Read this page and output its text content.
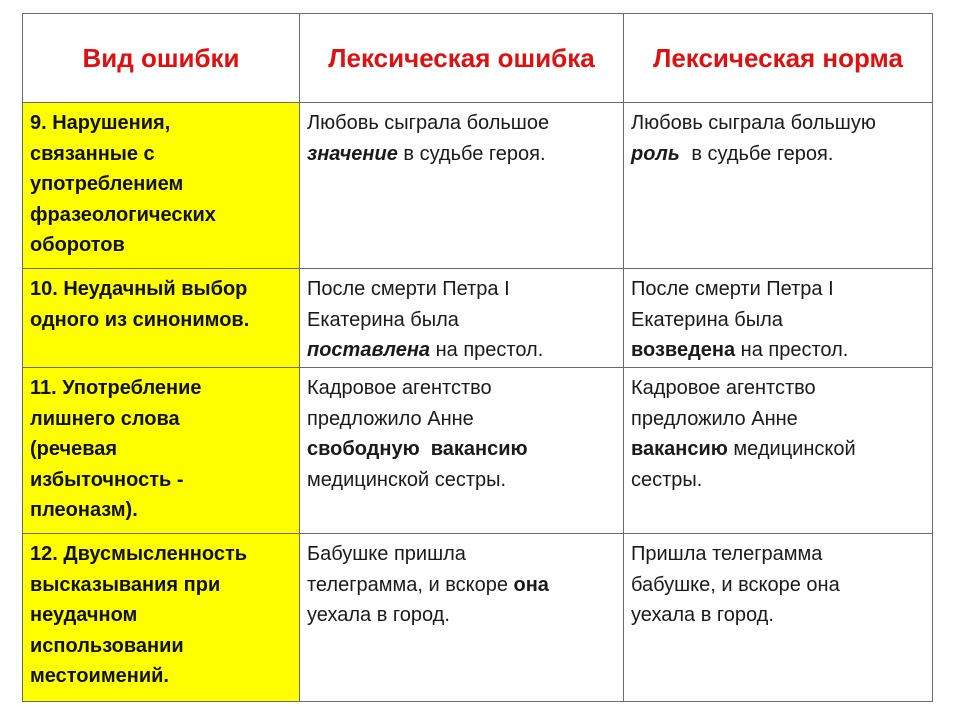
Вид ошибки	Лексическая ошибка	Лексическая норма

9. Нарушения,
связанные с
употреблением
фразеологических
оборотов	Любовь сыграла большое
значение в судьбе героя.	Любовь сыграла большую
роль в судьбе героя.

10. Неудачный выбор
одного из синонимов.	После смерти Петра I
Екатерина была
поставлена на престол.	После смерти Петра I
Екатерина была
возведена на престол.

11. Употребление
лишнего слова
(речевая
избыточность -
плеоназм).	Кадровое агентство
предложило Анне
свободную  вакансию
медицинской сестры.	Кадровое агентство
предложило Анне
вакансию медицинской
сестры.

12. Двусмысленность
высказывания при
неудачном
использовании
местоимений.	Бабушке пришла
телеграмма, и вскоре она
уехала в город.	Пришла телеграмма
бабушке, и вскоре она
уехала в город.
